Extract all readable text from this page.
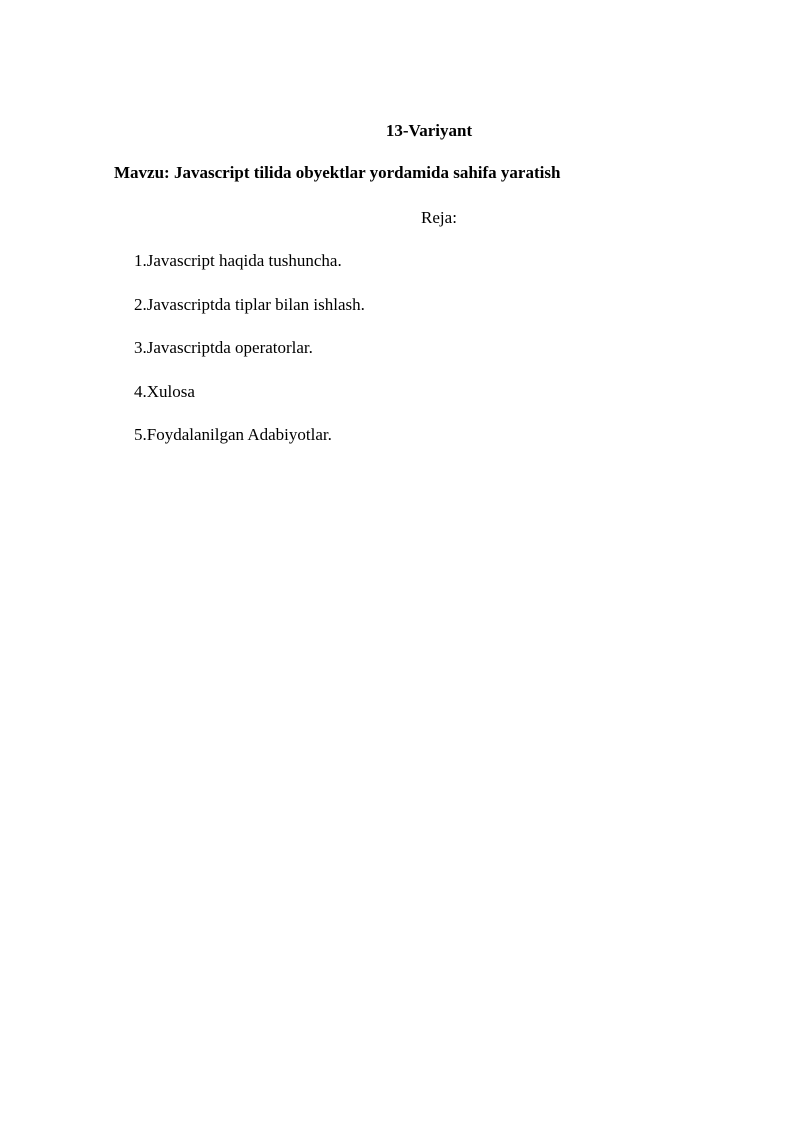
13-Variyant

Mavzu: Javascript tilida obyektlar yordamida sahifa yaratish

Reja:

1.Javascript haqida tushuncha.
2.Javascriptda tiplar bilan ishlash.
3.Javascriptda operatorlar.
4.Xulosa
5.Foydalanilgan Adabiyotlar.
